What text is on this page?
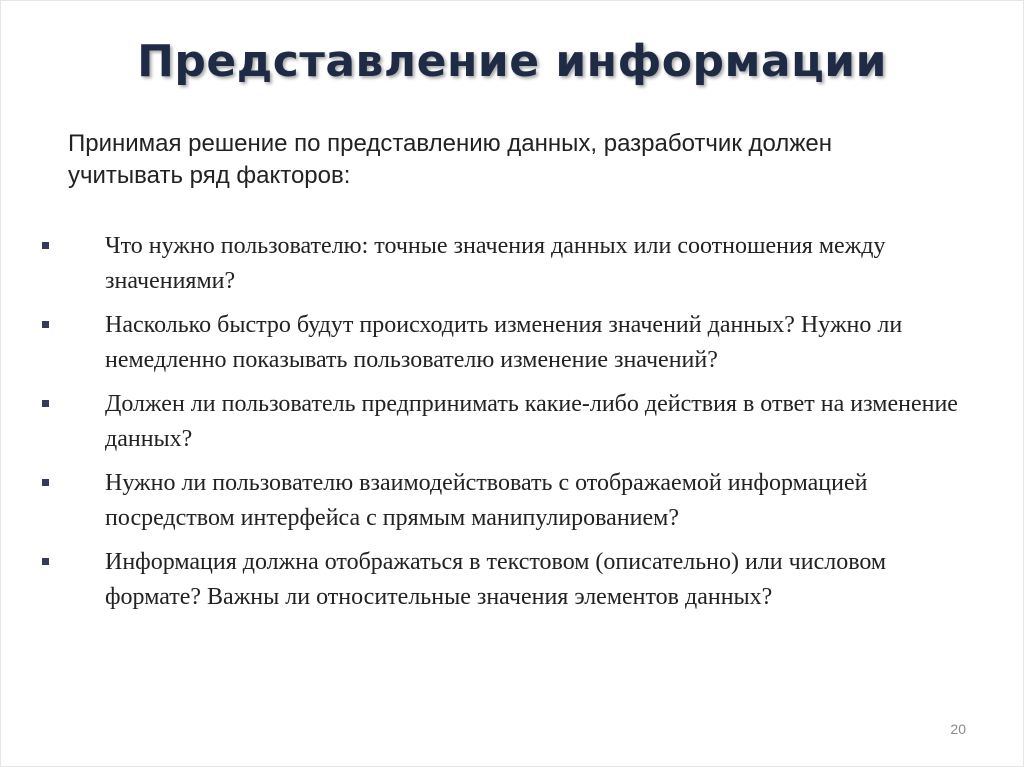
Представление информации

Принимая решение по представлению данных, разработчик должен учитывать ряд факторов:

Что нужно пользователю: точные значения данных или соотношения между значениями?
Насколько быстро будут происходить изменения значений данных? Нужно ли немедленно показывать пользователю изменение значений?
Должен ли пользователь предпринимать какие-либо действия в ответ на изменение данных?
Нужно ли пользователю взаимодействовать с отображаемой информацией посредством интерфейса с прямым манипулированием?
Информация должна отображаться в текстовом (описательно) или числовом формате? Важны ли относительные значения элементов данных?
20
